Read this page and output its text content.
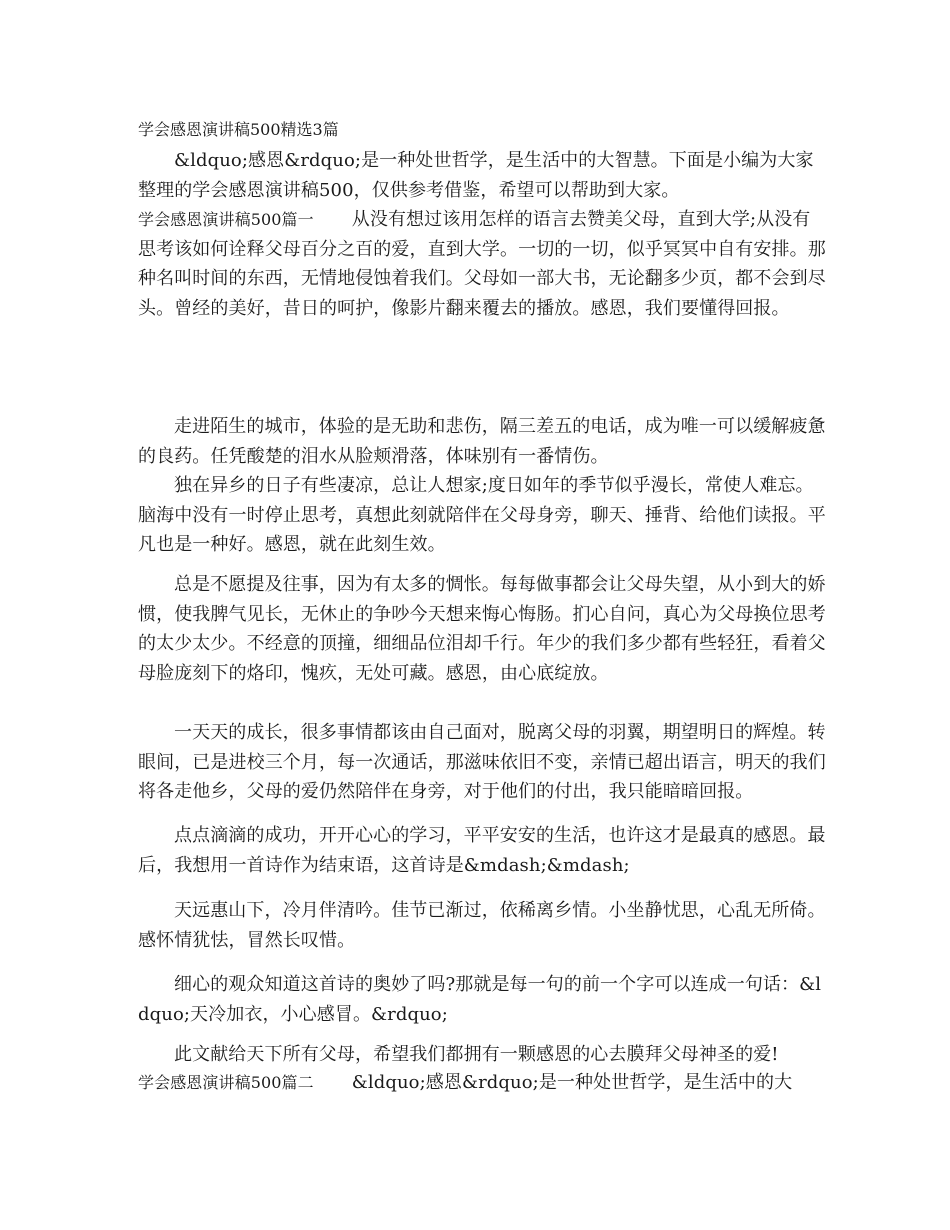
学会感恩演讲稿500精选3篇

&ldquo;感恩&rdquo;是一种处世哲学，是生活中的大智慧。下面是小编为大家整理的学会感恩演讲稿500，仅供参考借鉴，希望可以帮助到大家。

学会感恩演讲稿500篇一 从没有想过该用怎样的语言去赞美父母，直到大学;从没有思考该如何诠释父母百分之百的爱，直到大学。一切的一切，似乎冥冥中自有安排。那种名叫时间的东西，无情地侵蚀着我们。父母如一部大书，无论翻多少页，都不会到尽头。曾经的美好，昔日的呵护，像影片翻来覆去的播放。感恩，我们要懂得回报。

走进陌生的城市，体验的是无助和悲伤，隔三差五的电话，成为唯一可以缓解疲惫的良药。任凭酸楚的泪水从脸颊滑落，体味别有一番情伤。

独在异乡的日子有些凄凉，总让人想家;度日如年的季节似乎漫长，常使人难忘。脑海中没有一时停止思考，真想此刻就陪伴在父母身旁，聊天、捶背、给他们读报。平凡也是一种好。感恩，就在此刻生效。

总是不愿提及往事，因为有太多的惆怅。每每做事都会让父母失望，从小到大的娇惯，使我脾气见长，无休止的争吵今天想来悔心悔肠。扪心自问，真心为父母换位思考的太少太少。不经意的顶撞，细细品位泪却千行。年少的我们多少都有些轻狂，看着父母脸庞刻下的烙印，愧疚，无处可藏。感恩，由心底绽放。

一天天的成长，很多事情都该由自己面对，脱离父母的羽翼，期望明日的辉煌。转眼间，已是进校三个月，每一次通话，那滋味依旧不变，亲情已超出语言，明天的我们将各走他乡，父母的爱仍然陪伴在身旁，对于他们的付出，我只能暗暗回报。

点点滴滴的成功，开开心心的学习，平平安安的生活，也许这才是最真的感恩。最后，我想用一首诗作为结束语，这首诗是&mdash;&mdash;

天远惠山下，冷月伴清吟。佳节已渐过，依稀离乡情。小坐静忧思，心乱无所倚。 感怀情犹怯，冒然长叹惜。

细心的观众知道这首诗的奥妙了吗?那就是每一句的前一个字可以连成一句话：&ldquo;天冷加衣，小心感冒。&rdquo;

此文献给天下所有父母，希望我们都拥有一颗感恩的心去膜拜父母神圣的爱!

学会感恩演讲稿500篇二 &ldquo;感恩&rdquo;是一种处世哲学，是生活中的大
